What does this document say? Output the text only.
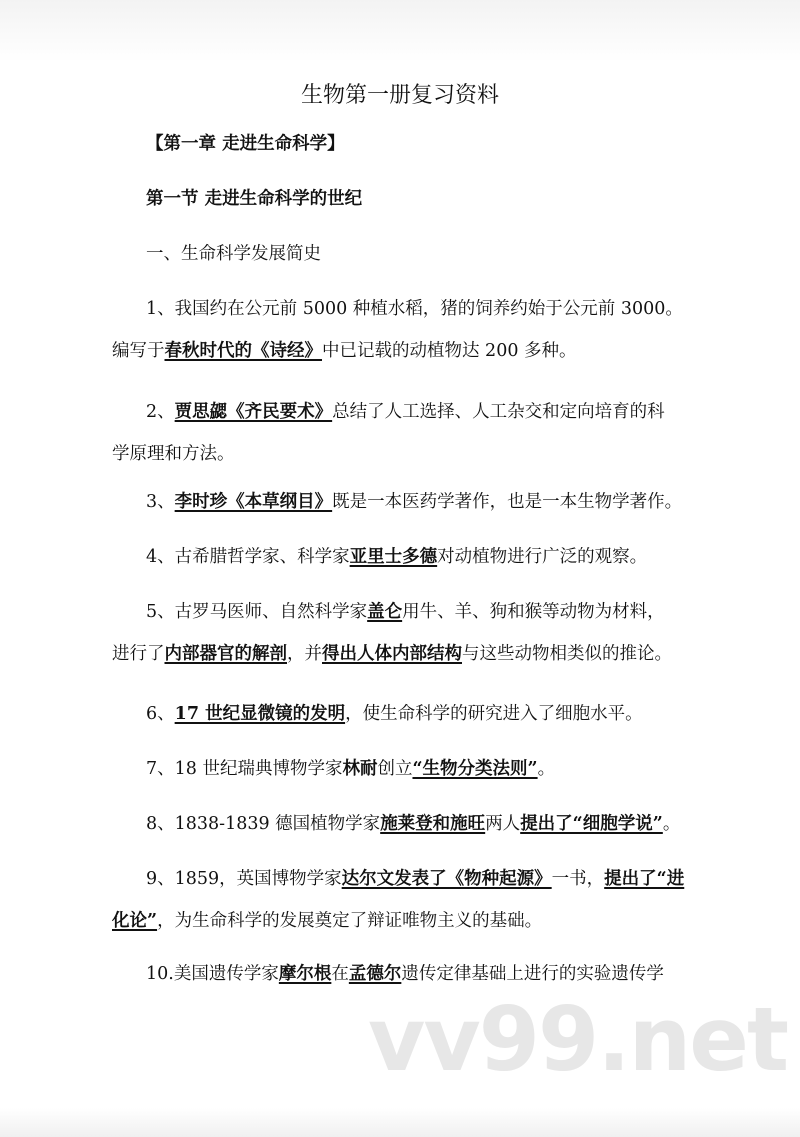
生物第一册复习资料

【第一章 走进生命科学】

第一节 走进生命科学的世纪

一、生命科学发展简史

1、我国约在公元前 5000 种植水稻，猪的饲养约始于公元前 3000。

编写于春秋时代的《诗经》中已记载的动植物达 200 多种。

2、贾思勰《齐民要术》总结了人工选择、人工杂交和定向培育的科

学原理和方法。

3、李时珍《本草纲目》既是一本医药学著作，也是一本生物学著作。

4、古希腊哲学家、科学家亚里士多德对动植物进行广泛的观察。

5、古罗马医师、自然科学家盖仑用牛、羊、狗和猴等动物为材料，

进行了内部器官的解剖，并得出人体内部结构与这些动物相类似的推论。

6、17 世纪显微镜的发明，使生命科学的研究进入了细胞水平。

7、18 世纪瑞典博物学家林耐创立“生物分类法则”。

8、1838-1839 德国植物学家施莱登和施旺两人提出了“细胞学说”。

9、1859，英国博物学家达尔文发表了《物种起源》一书，提出了“进

化论”，为生命科学的发展奠定了辩证唯物主义的基础。

10.美国遗传学家摩尔根在孟德尔遗传定律基础上进行的实验遗传学

vv99.net
